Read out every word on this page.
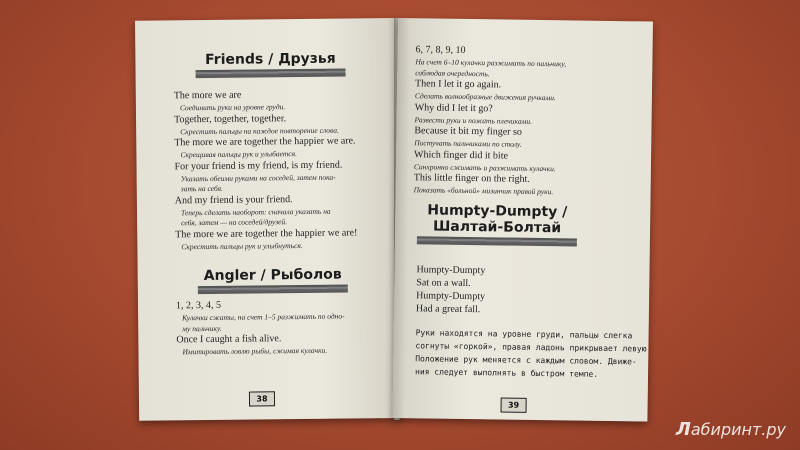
Friends / Друзья
The more we are
Соединить руки на уровне груди.
Together, together, together.
Скрестить пальцы на каждое повторение слова.
The more we are together the happier we are.
Скрещивая пальцы рук и улыбается.
For your friend is my friend, is my friend.
Указать обеими руками на соседей, затем пока-
зать на себя.
And my friend is your friend.
Теперь сделать наоборот: сначала указать на
себя, затем — на соседей/друзей.
The more we are together the happier we are!
Скрестить пальцы рук и улыбнуться.
Angler / Рыболов
1, 2, 3, 4, 5
Кулачки сжаты, на счет 1–5 разжимать по одно-
му пальчику.
Once I caught a fish alive.
Имитировать ловлю рыбы, сжимая кулачки.
38
6, 7, 8, 9, 10
На счет 6–10 кулачки разжимать по пальчику,
соблюдая очередность.
Then I let it go again.
Сделать волнообразные движения ручками.
Why did I let it go?
Развести руки и пожать плечиками.
Because it bit my finger so
Постучать пальчиками по столу.
Which finger did it bite
Синхронно сжимать и разжимать кулачки.
This little finger on the right.
Показать «больной» мизинчик правой руки.
Humpty-Dumpty /
Шалтай-Болтай
Humpty-Dumpty
Sat on a wall.
Humpty-Dumpty
Had a great fall.
Руки находятся на уровне груди, пальцы слегка
согнуты «горкой», правая ладонь прикрывает левую.
Положение рук меняется с каждым словом. Движе-
ния следует выполнять в быстром темпе.
39
Лабиринт.ру
